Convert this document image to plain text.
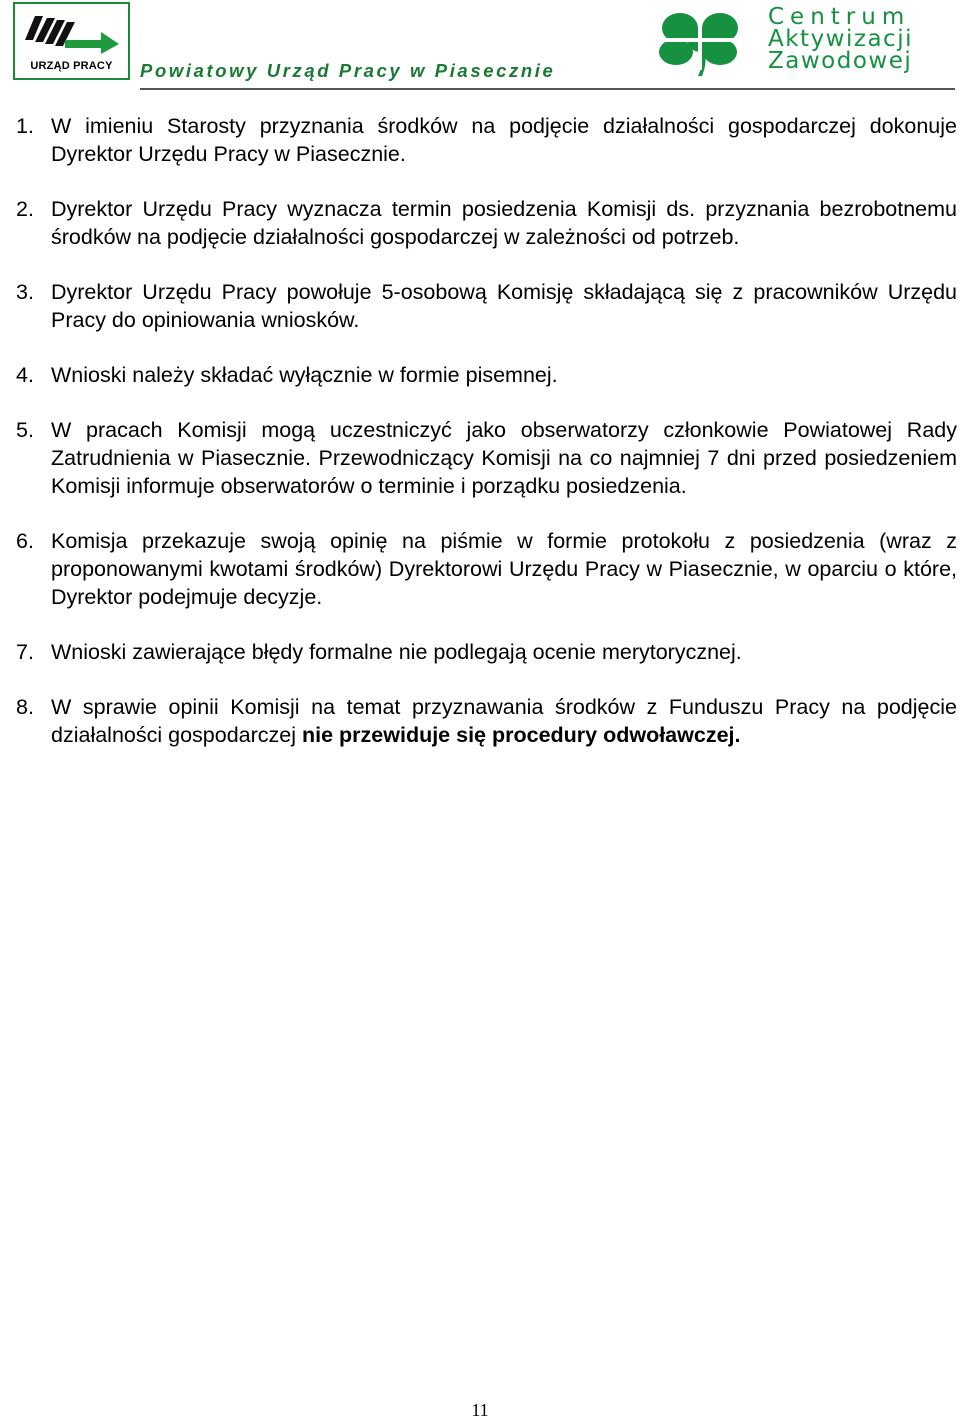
URZĄD PRACY	Powiatowy Urząd Pracy w Piasecznie
Centrum
Aktywizacji
Zawodowej
1. W imieniu Starosty przyznania środków na podjęcie działalności gospodarczej dokonuje Dyrektor Urzędu Pracy w Piasecznie.
2. Dyrektor Urzędu Pracy wyznacza termin posiedzenia Komisji ds. przyznania bezrobotnemu środków na podjęcie działalności gospodarczej w zależności od potrzeb.
3. Dyrektor Urzędu Pracy powołuje 5-osobową Komisję składającą się z pracowników Urzędu Pracy do opiniowania wniosków.
4. Wnioski należy składać wyłącznie w formie pisemnej.
5. W pracach Komisji mogą uczestniczyć jako obserwatorzy członkowie Powiatowej Rady Zatrudnienia w Piasecznie. Przewodniczący Komisji na co najmniej 7 dni przed posiedzeniem Komisji informuje obserwatorów o terminie i porządku posiedzenia.
6. Komisja przekazuje swoją opinię na piśmie w formie protokołu z posiedzenia (wraz z proponowanymi kwotami środków) Dyrektorowi Urzędu Pracy w Piasecznie, w oparciu o które, Dyrektor podejmuje decyzje.
7. Wnioski zawierające błędy formalne nie podlegają ocenie merytorycznej.
8. W sprawie opinii Komisji na temat przyznawania środków z Funduszu Pracy na podjęcie działalności gospodarczej nie przewiduje się procedury odwoławczej.
11
